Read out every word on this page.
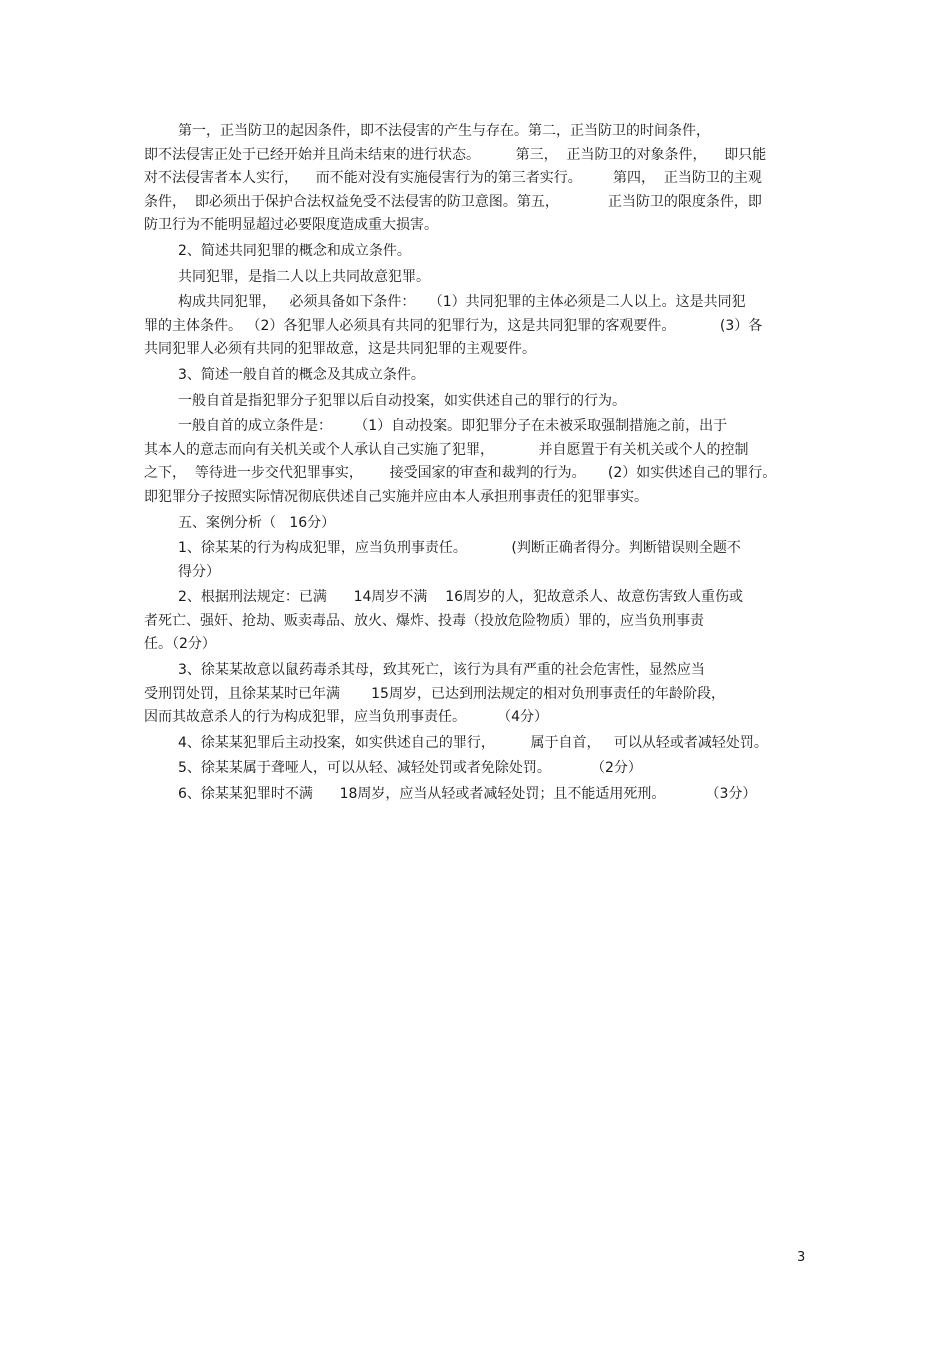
第一，正当防卫的起因条件，即不法侵害的产生与存在。第二，正当防卫的时间条件，
即不法侵害正处于已经开始并且尚未结束的进行状态。        第三，  正当防卫的对象条件，    即只能
对不法侵害者本人实行，    而不能对没有实施侵害行为的第三者实行。       第四，  正当防卫的主观
条件，  即必须出于保护合法权益免受不法侵害的防卫意图。第五，           正当防卫的限度条件，即
防卫行为不能明显超过必要限度造成重大损害。
2、简述共同犯罪的概念和成立条件。
共同犯罪，是指二人以上共同故意犯罪。
构成共同犯罪，   必须具备如下条件：   （1）共同犯罪的主体必须是二人以上。这是共同犯
罪的主体条件。 （2）各犯罪人必须具有共同的犯罪行为，这是共同犯罪的客观要件。          (3）各
共同犯罪人必须有共同的犯罪故意，这是共同犯罪的主观要件。
3、简述一般自首的概念及其成立条件。
一般自首是指犯罪分子犯罪以后自动投案，如实供述自己的罪行的行为。
一般自首的成立条件是：     （1）自动投案。即犯罪分子在未被采取强制措施之前，出于
其本人的意志而向有关机关或个人承认自己实施了犯罪，          并自愿置于有关机关或个人的控制
之下，  等待进一步交代犯罪事实，      接受国家的审查和裁判的行为。     (2）如实供述自己的罪行。
即犯罪分子按照实际情况彻底供述自己实施并应由本人承担刑事责任的犯罪事实。
五、案例分析（   16分）
1、徐某某的行为构成犯罪，应当负刑事责任。          (判断正确者得分。判断错误则全题不
得分）
2、根据刑法规定：已满      14周岁不满    16周岁的人，犯故意杀人、故意伤害致人重伤或
者死亡、强奸、抢劫、贩卖毒品、放火、爆炸、投毒（投放危险物质）罪的，应当负刑事责
任。（2分）
3、徐某某故意以鼠药毒杀其母，致其死亡，该行为具有严重的社会危害性，显然应当
受刑罚处罚，且徐某某时已年满       15周岁，已达到刑法规定的相对负刑事责任的年龄阶段，
因而其故意杀人的行为构成犯罪，应当负刑事责任。       （4分）
4、徐某某犯罪后主动投案，如实供述自己的罪行，        属于自首，   可以从轻或者减轻处罚。
5、徐某某属于聋哑人，可以从轻、减轻处罚或者免除处罚。         （2分）
6、徐某某犯罪时不满      18周岁，应当从轻或者减轻处罚；且不能适用死刑。         （3分）
3
